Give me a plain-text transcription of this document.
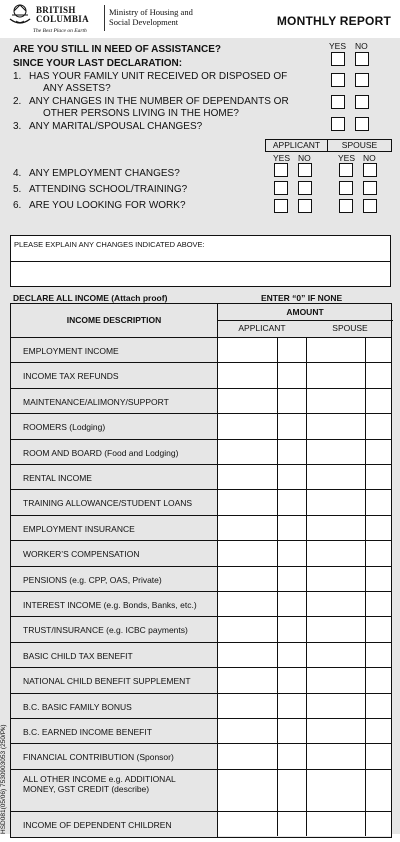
BRITISH
COLUMBIA
The Best Place on Earth
Ministry of Housing and
Social Development	MONTHLY REPORT
YES NO
ARE YOU STILL IN NEED OF ASSISTANCE?
SINCE YOUR LAST DECLARATION:
1. HAS YOUR FAMILY UNIT RECEIVED OR DISPOSED OF
ANY ASSETS?
2. ANY CHANGES IN THE NUMBER OF DEPENDANTS OR
OTHER PERSONS LIVING IN THE HOME?
3. ANY MARITAL/SPOUSAL CHANGES?
APPLICANT	SPOUSE
YES NO	YES NO
4. ANY EMPLOYMENT CHANGES?
5. ATTENDING SCHOOL/TRAINING?
6. ARE YOU LOOKING FOR WORK?
PLEASE EXPLAIN ANY CHANGES INDICATED ABOVE:
DECLARE ALL INCOME (Attach proof)	ENTER “0” IF NONE
INCOME DESCRIPTION
AMOUNT
APPLICANT	SPOUSE
EMPLOYMENT INCOME
INCOME TAX REFUNDS
MAINTENANCE/ALIMONY/SUPPORT
ROOMERS (Lodging)
ROOM AND BOARD (Food and Lodging)
RENTAL INCOME
TRAINING ALLOWANCE/STUDENT LOANS
EMPLOYMENT INSURANCE
WORKER’S COMPENSATION
PENSIONS (e.g. CPP, OAS, Private)
INTEREST INCOME (e.g. Bonds, Banks, etc.)
TRUST/INSURANCE (e.g. ICBC payments)
BASIC CHILD TAX BENEFIT
NATIONAL CHILD BENEFIT SUPPLEMENT
B.C. BASIC FAMILY BONUS
B.C. EARNED INCOME BENEFIT
FINANCIAL CONTRIBUTION (Sponsor)
ALL OTHER INCOME e.g. ADDITIONAL
MONEY, GST CREDIT (describe)
INCOME OF DEPENDENT CHILDREN
HSD081(05/06) 7530903053 (250/Pk)
